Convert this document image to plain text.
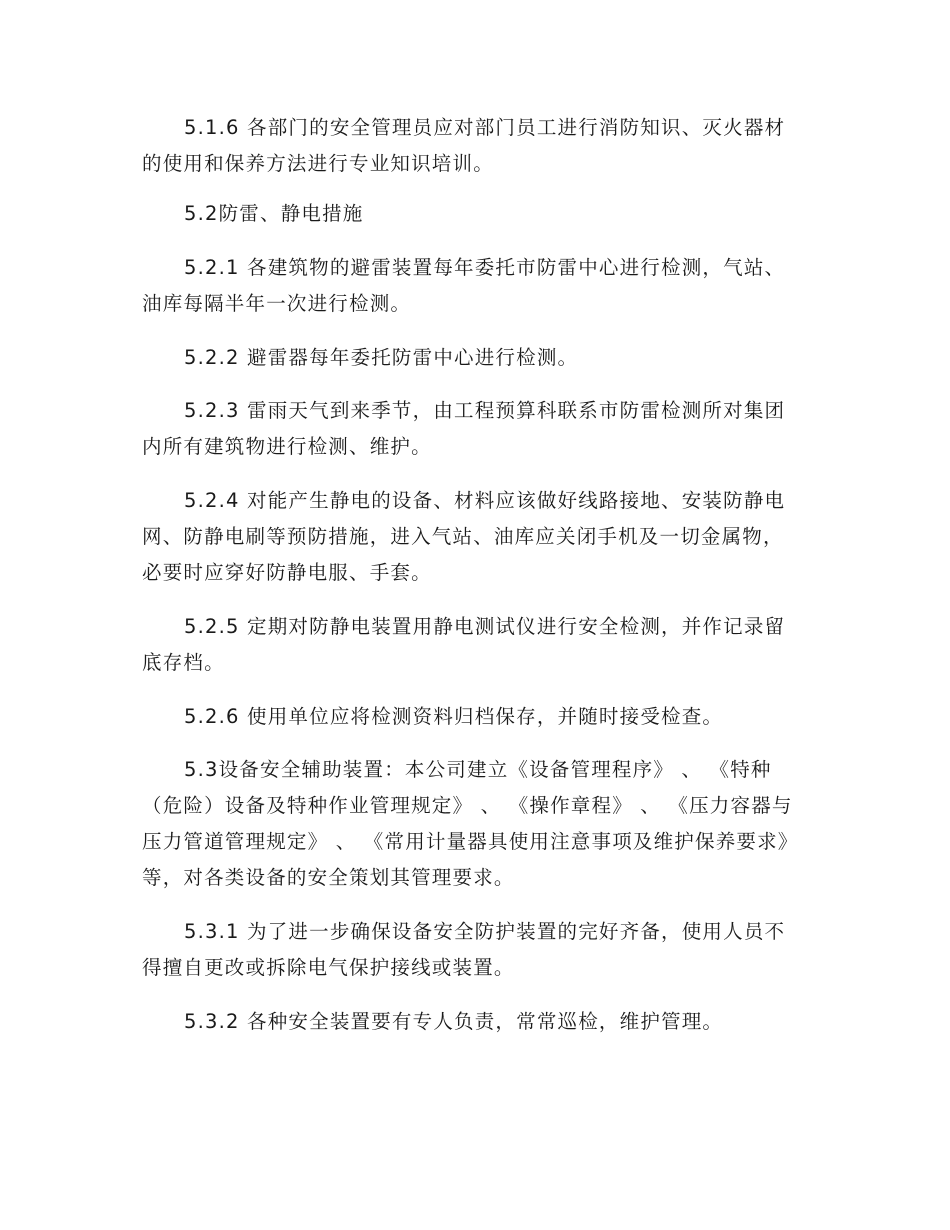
5.1.6 各部门的安全管理员应对部门员工进行消防知识、灭火器材的使用和保养方法进行专业知识培训。

5.2防雷、静电措施

5.2.1 各建筑物的避雷装置每年委托市防雷中心进行检测，气站、油库每隔半年一次进行检测。

5.2.2 避雷器每年委托防雷中心进行检测。

5.2.3 雷雨天气到来季节，由工程预算科联系市防雷检测所对集团内所有建筑物进行检测、维护。

5.2.4 对能产生静电的设备、材料应该做好线路接地、安装防静电网、防静电刷等预防措施，进入气站、油库应关闭手机及一切金属物，必要时应穿好防静电服、手套。

5.2.5 定期对防静电装置用静电测试仪进行安全检测，并作记录留底存档。

5.2.6 使用单位应将检测资料归档保存，并随时接受检查。

5.3设备安全辅助装置：本公司建立《设备管理程序》 、 《特种（危险）设备及特种作业管理规定》 、 《操作章程》 、 《压力容器与压力管道管理规定》 、 《常用计量器具使用注意事项及维护保养要求》等，对各类设备的安全策划其管理要求。

5.3.1 为了进一步确保设备安全防护装置的完好齐备，使用人员不得擅自更改或拆除电气保护接线或装置。

5.3.2 各种安全装置要有专人负责，常常巡检，维护管理。
